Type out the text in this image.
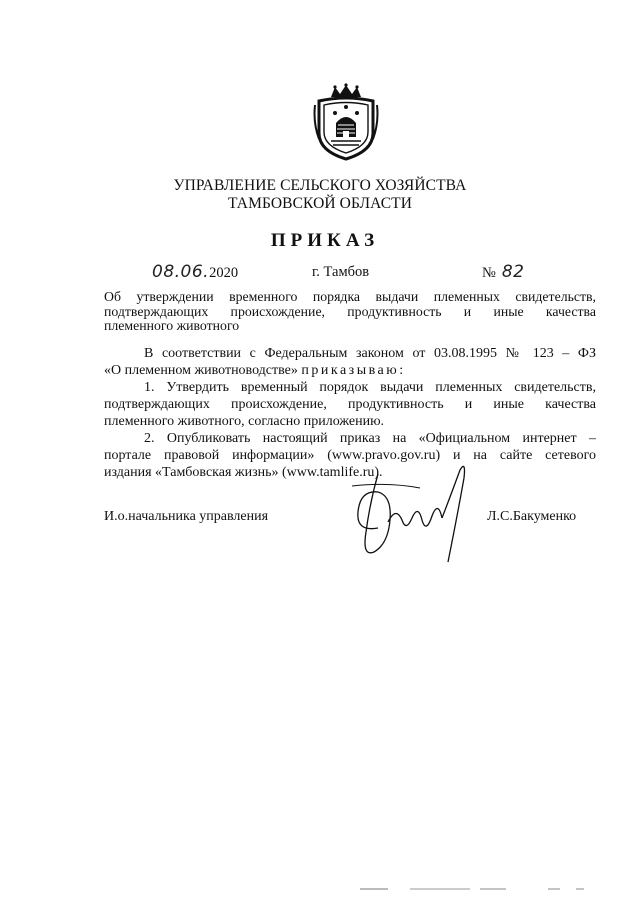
УПРАВЛЕНИЕ СЕЛЬСКОГО ХОЗЯЙСТВА
ТАМБОВСКОЙ ОБЛАСТИ
ПРИКАЗ
08.06.2020	г. Тамбов	№ 82
Об утверждении временного порядка выдачи племенных свидетельств,
подтверждающих происхождение, продуктивность и иные качества
племенного животного
В соответствии с Федеральным законом от 03.08.1995 № 123 – ФЗ
«О племенном животноводстве» приказываю:
1. Утвердить временный порядок выдачи племенных свидетельств,
подтверждающих происхождение, продуктивность и иные качества
племенного животного, согласно приложению.
2. Опубликовать настоящий приказ на «Официальном интернет –
портале правовой информации» (www.pravo.gov.ru) и на сайте сетевого
издания «Тамбовская жизнь» (www.tamlife.ru).
И.о.начальника управления	Л.С.Бакуменко
